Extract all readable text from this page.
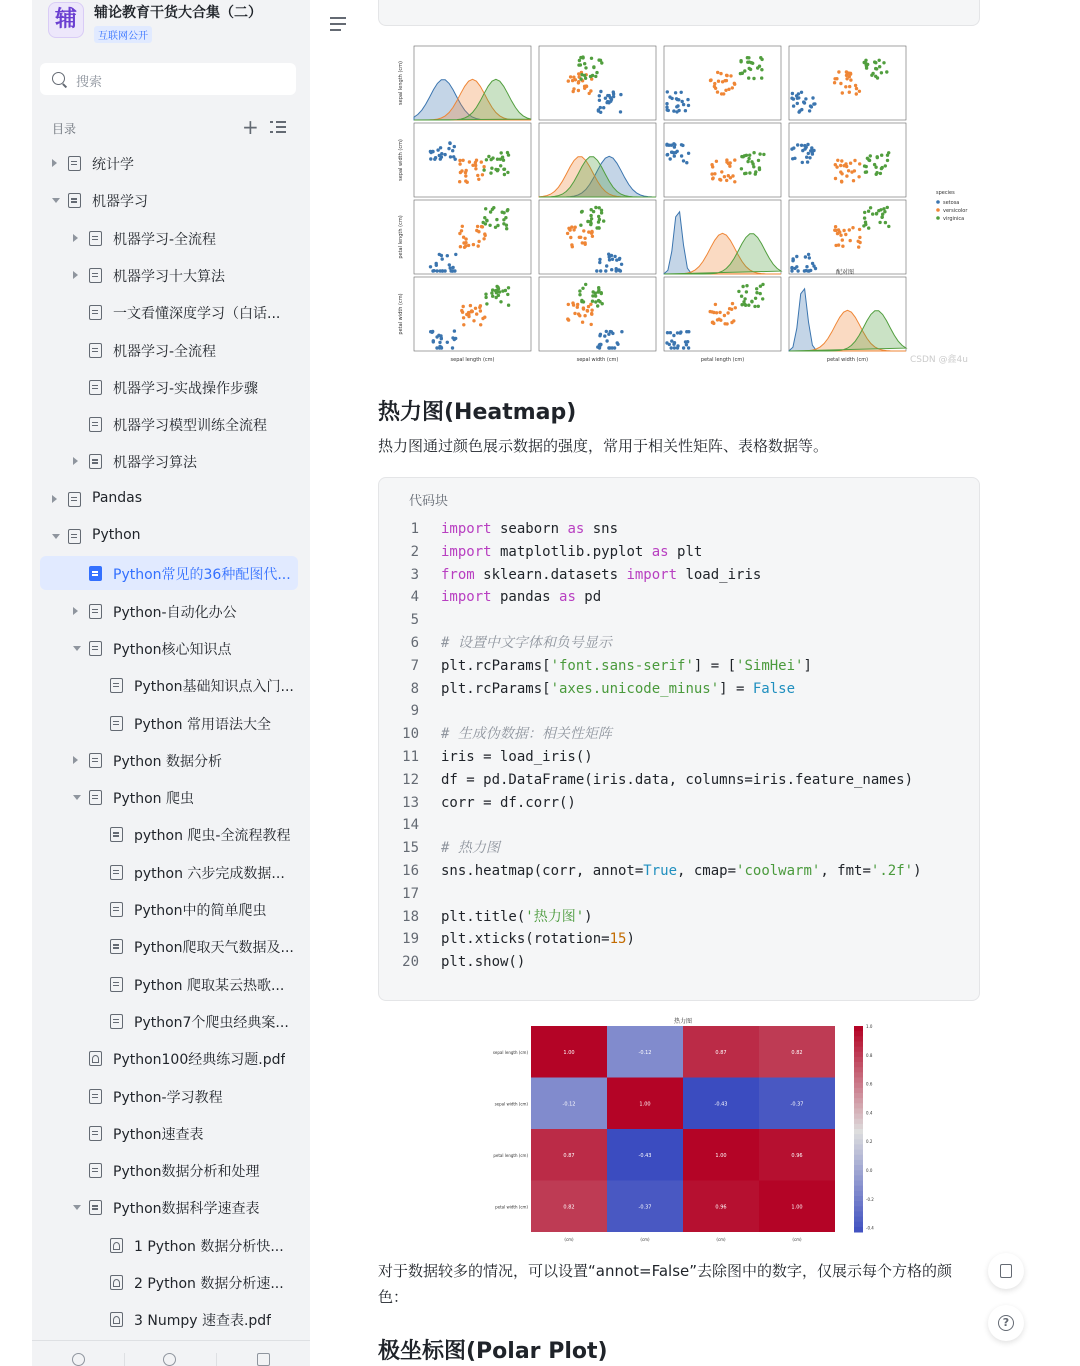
辅	辅论教育干货大合集（二）
互联网公开
搜索
目录	+
统计学
机器学习
机器学习-全流程
机器学习十大算法
一文看懂深度学习（白话...
机器学习-全流程
机器学习-实战操作步骤
机器学习模型训练全流程
机器学习算法
Pandas
Python
Python常见的36种配图代...
Python-自动化办公
Python核心知识点
Python基础知识点入门...
Python 常用语法大全
Python 数据分析
Python 爬虫
python 爬虫-全流程教程
python 六步完成数据...
Python中的简单爬虫
Python爬取天气数据及...
Python 爬取某云热歌...
Python7个爬虫经典案...
Python100经典练习题.pdf
Python-学习教程
Python速查表
Python数据分析和处理
Python数据科学速查表
1 Python 数据分析快...
2 Python 数据分析速...
3 Numpy 速查表.pdf
sepal length (cm)
sepal width (cm)
petal length (cm)
petal width (cm)
sepal length (cm)	sepal width (cm)	petal length (cm)	petal width (cm)
species
setosa
versicolor
virginica
配对图
CSDN @鑫4u
热力图(Heatmap)
热力图通过颜色展示数据的强度，常用于相关性矩阵、表格数据等。
代码块
1 import seaborn as sns
2 import matplotlib.pyplot as plt
3 from sklearn.datasets import load_iris
4 import pandas as pd
5
6 # 设置中文字体和负号显示
7 plt.rcParams['font.sans-serif'] = ['SimHei']
8 plt.rcParams['axes.unicode_minus'] = False
9
10 # 生成伪数据：相关性矩阵
11 iris = load_iris()
12 df = pd.DataFrame(iris.data, columns=iris.feature_names)
13 corr = df.corr()
14
15 # 热力图
16 sns.heatmap(corr, annot=True, cmap='coolwarm', fmt='.2f')
17
18 plt.title('热力图')
19 plt.xticks(rotation=15)
20 plt.show()
热力图
1.00	-0.12	0.87	0.82
sepal length (cm)
-0.12	1.00	-0.43	-0.37
sepal width (cm)
0.87	-0.43	1.00	0.96
petal length (cm)
0.82	-0.37	0.96	1.00
petal width (cm)
(cm)	(cm)	(cm)	(cm)
1.0
0.8
0.6
0.4
0.2
0.0
-0.2
-0.4
对于数据较多的情况，可以设置“annot=False”去除图中的数字，仅展示每个方格的颜色：
极坐标图(Polar Plot)
?
